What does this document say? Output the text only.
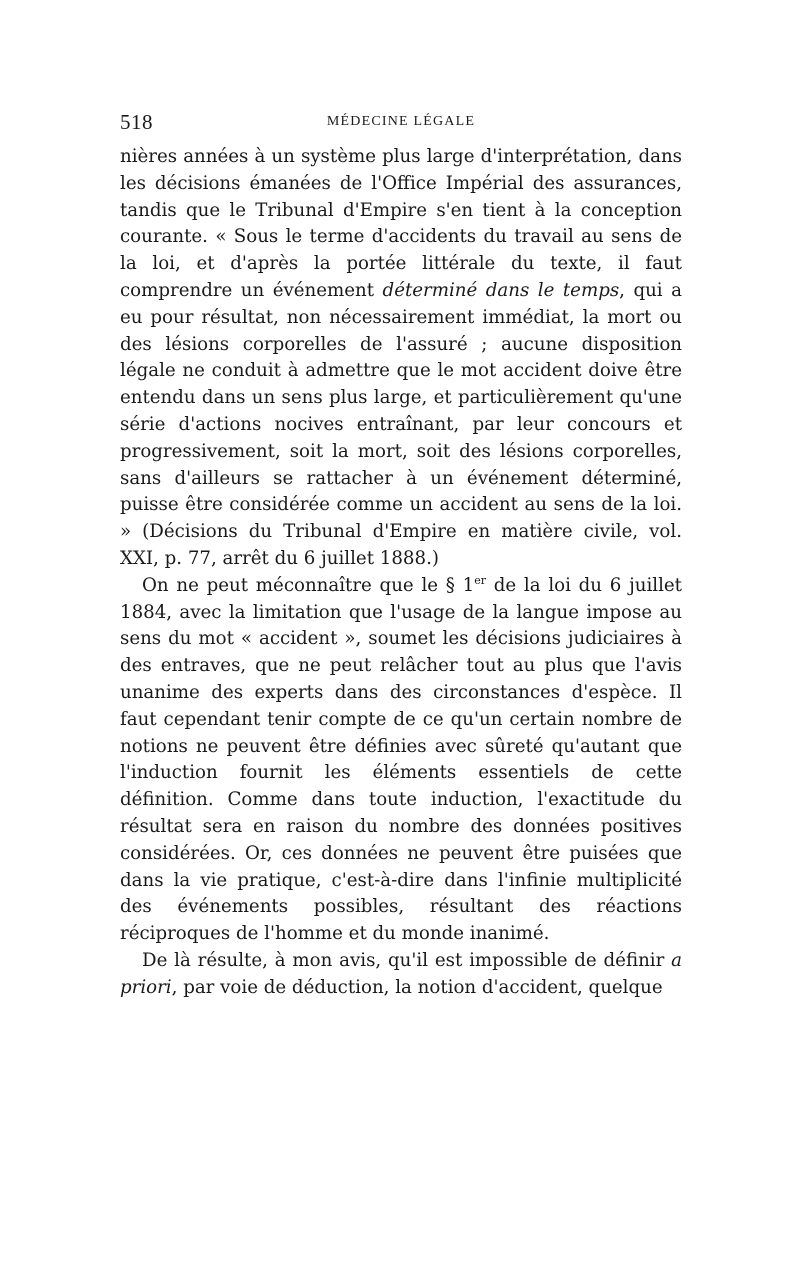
518	MÉDECINE LÉGALE

nières années à un système plus large d'interprétation, dans les décisions émanées de l'Office Impérial des assurances, tandis que le Tribunal d'Empire s'en tient à la conception courante. « Sous le terme d'accidents du travail au sens de la loi, et d'après la portée littérale du texte, il faut comprendre un événement déterminé dans le temps, qui a eu pour résultat, non nécessairement immédiat, la mort ou des lésions corporelles de l'assuré ; aucune disposition légale ne conduit à admettre que le mot accident doive être entendu dans un sens plus large, et particulièrement qu'une série d'actions nocives entraînant, par leur concours et progressivement, soit la mort, soit des lésions corporelles, sans d'ailleurs se rattacher à un événement déterminé, puisse être considérée comme un accident au sens de la loi. » (Décisions du Tribunal d'Empire en matière civile, vol. XXI, p. 77, arrêt du 6 juillet 1888.)

On ne peut méconnaître que le § 1er de la loi du 6 juillet 1884, avec la limitation que l'usage de la langue impose au sens du mot « accident », soumet les décisions judiciaires à des entraves, que ne peut relâcher tout au plus que l'avis unanime des experts dans des circonstances d'espèce. Il faut cependant tenir compte de ce qu'un certain nombre de notions ne peuvent être définies avec sûreté qu'autant que l'induction fournit les éléments essentiels de cette définition. Comme dans toute induction, l'exactitude du résultat sera en raison du nombre des données positives considérées. Or, ces données ne peuvent être puisées que dans la vie pratique, c'est-à-dire dans l'infinie multiplicité des événements possibles, résultant des réactions réciproques de l'homme et du monde inanimé.

De là résulte, à mon avis, qu'il est impossible de définir a priori, par voie de déduction, la notion d'accident, quelque
